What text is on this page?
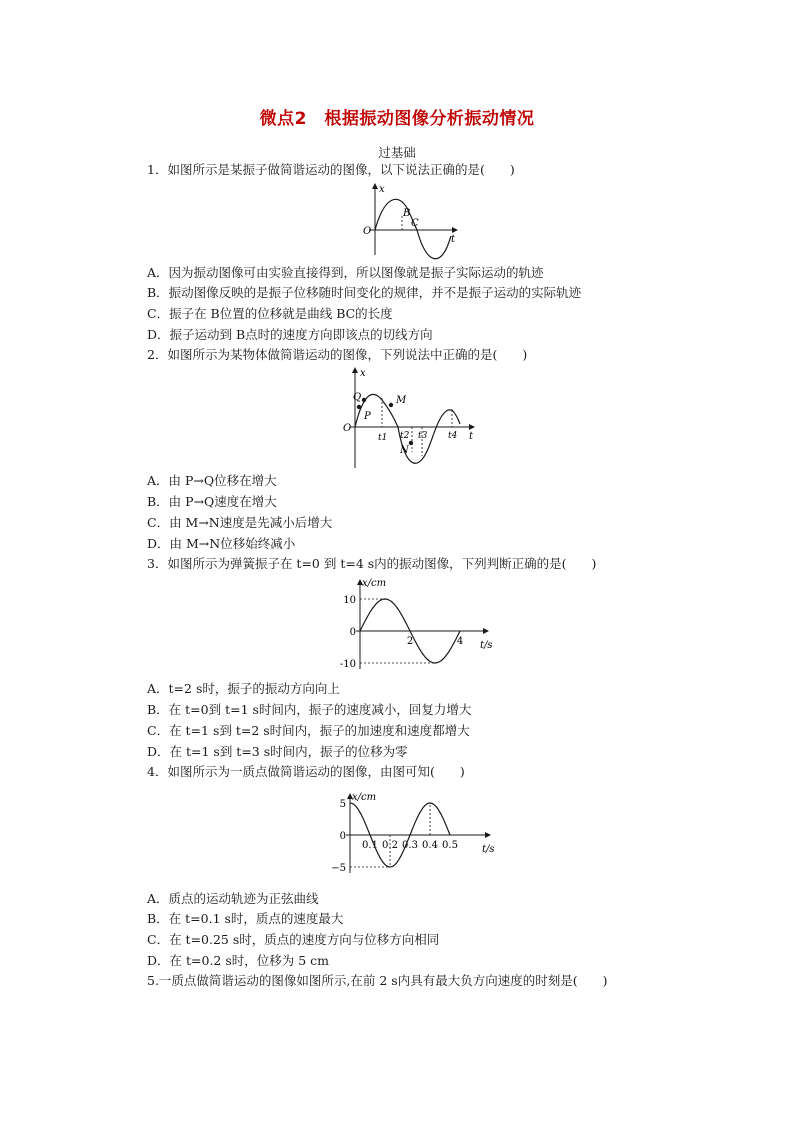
微点2　根据振动图像分析振动情况
过基础
1．如图所示是某振子做简谐运动的图像，以下说法正确的是(　　)
x
t
O
B
C
A．因为振动图像可由实验直接得到，所以图像就是振子实际运动的轨迹
B．振动图像反映的是振子位移随时间变化的规律，并不是振子运动的实际轨迹
C．振子在 B位置的位移就是曲线 BC的长度
D．振子运动到 B点时的速度方向即该点的切线方向
2．如图所示为某物体做简谐运动的图像，下列说法中正确的是(　　)
x
t
O
Q
P
M
N
t1 t2 t3 t4
A．由 P→Q位移在增大
B．由 P→Q速度在增大
C．由 M→N速度是先减小后增大
D．由 M→N位移始终减小
3．如图所示为弹簧振子在 t=0 到 t=4 s内的振动图像，下列判断正确的是(　　)
x/cm
t/s
10
0
-10
2	4
A．t=2 s时，振子的振动方向向上
B．在 t=0到 t=1 s时间内，振子的速度减小，回复力增大
C．在 t=1 s到 t=2 s时间内，振子的加速度和速度都增大
D．在 t=1 s到 t=3 s时间内，振子的位移为零
4．如图所示为一质点做简谐运动的图像，由图可知(　　)
x/cm
t/s
5
0
−5
0.1 0.2 0.3 0.4 0.5
A．质点的运动轨迹为正弦曲线
B．在 t=0.1 s时，质点的速度最大
C．在 t=0.25 s时，质点的速度方向与位移方向相同
D．在 t=0.2 s时，位移为 5 cm
5.一质点做简谐运动的图像如图所示,在前 2 s内具有最大负方向速度的时刻是(　　)
